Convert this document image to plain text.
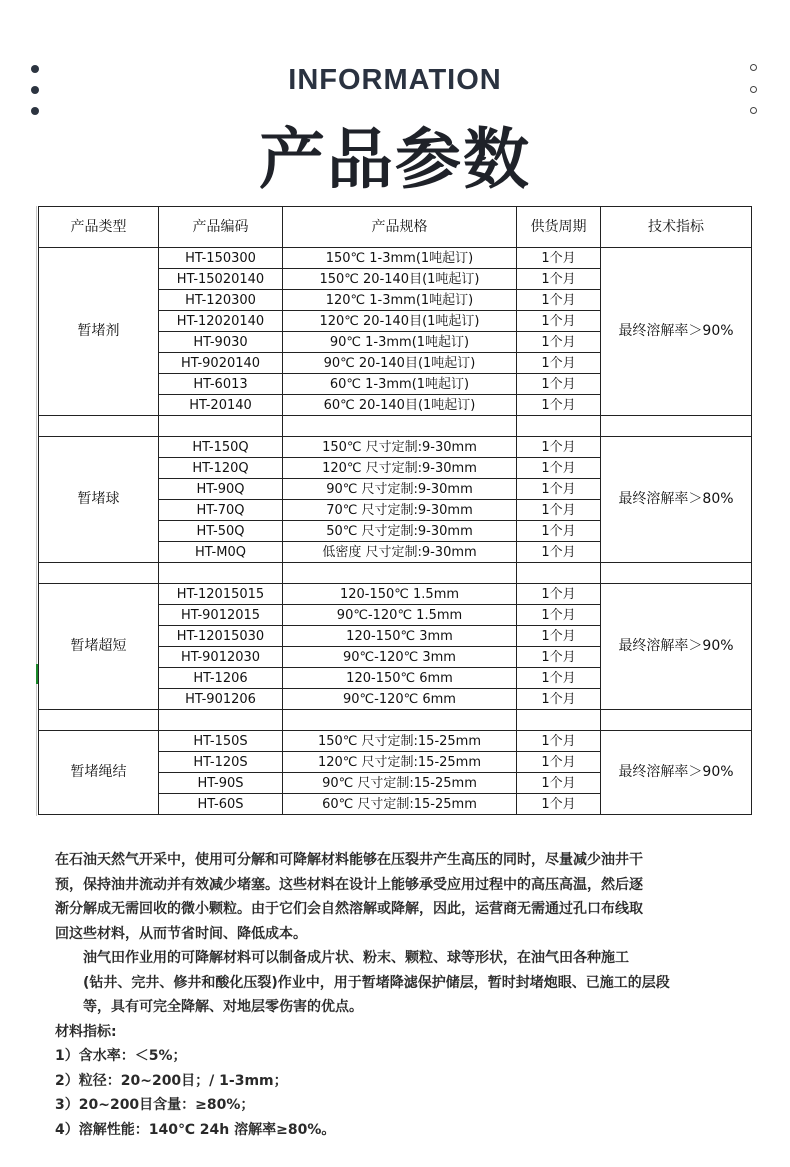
INFORMATION
产品参数
产品类型	产品编码	产品规格	供货周期	技术指标
暂堵剂	HT-150300	150℃ 1-3mm(1吨起订)	1个月	最终溶解率＞90%
	HT-15020140	150℃ 20-140目(1吨起订)	1个月	
	HT-120300	120℃ 1-3mm(1吨起订)	1个月	
	HT-12020140	120℃ 20-140目(1吨起订)	1个月	
	HT-9030	90℃ 1-3mm(1吨起订)	1个月	
	HT-9020140	90℃ 20-140目(1吨起订)	1个月	
	HT-6013	60℃ 1-3mm(1吨起订)	1个月	
	HT-20140	60℃ 20-140目(1吨起订)	1个月	

暂堵球	HT-150Q	150℃ 尺寸定制:9-30mm	1个月	最终溶解率＞80%
	HT-120Q	120℃ 尺寸定制:9-30mm	1个月	
	HT-90Q	90℃ 尺寸定制:9-30mm	1个月	
	HT-70Q	70℃ 尺寸定制:9-30mm	1个月	
	HT-50Q	50℃ 尺寸定制:9-30mm	1个月	
	HT-M0Q	低密度 尺寸定制:9-30mm	1个月	

暂堵超短	HT-12015015	120-150℃ 1.5mm	1个月	最终溶解率＞90%
	HT-9012015	90℃-120℃ 1.5mm	1个月	
	HT-12015030	120-150℃ 3mm	1个月	
	HT-9012030	90℃-120℃ 3mm	1个月	
	HT-1206	120-150℃ 6mm	1个月	
	HT-901206	90℃-120℃ 6mm	1个月	

暂堵绳结	HT-150S	150℃ 尺寸定制:15-25mm	1个月	最终溶解率＞90%
	HT-120S	120℃ 尺寸定制:15-25mm	1个月	
	HT-90S	90℃ 尺寸定制:15-25mm	1个月	
	HT-60S	60℃ 尺寸定制:15-25mm	1个月	

在石油天然气开采中，使用可分解和可降解材料能够在压裂井产生高压的同时，尽量减少油井干
预，保持油井流动并有效减少堵塞。这些材料在设计上能够承受应用过程中的高压高温，然后逐
渐分解成无需回收的微小颗粒。由于它们会自然溶解或降解，因此，运营商无需通过孔口布线取
回这些材料，从而节省时间、降低成本。

油气田作业用的可降解材料可以制备成片状、粉末、颗粒、球等形状，在油气田各种施工
(钻井、完井、修井和酸化压裂)作业中，用于暂堵降滤保护储层，暂时封堵炮眼、已施工的层段
等，具有可完全降解、对地层零伤害的优点。

材料指标:

1）含水率：＜5%；

2）粒径：20~200目；/ 1-3mm；

3）20~200目含量：≥80%；

4）溶解性能：140℃ 24h 溶解率≥80%。
